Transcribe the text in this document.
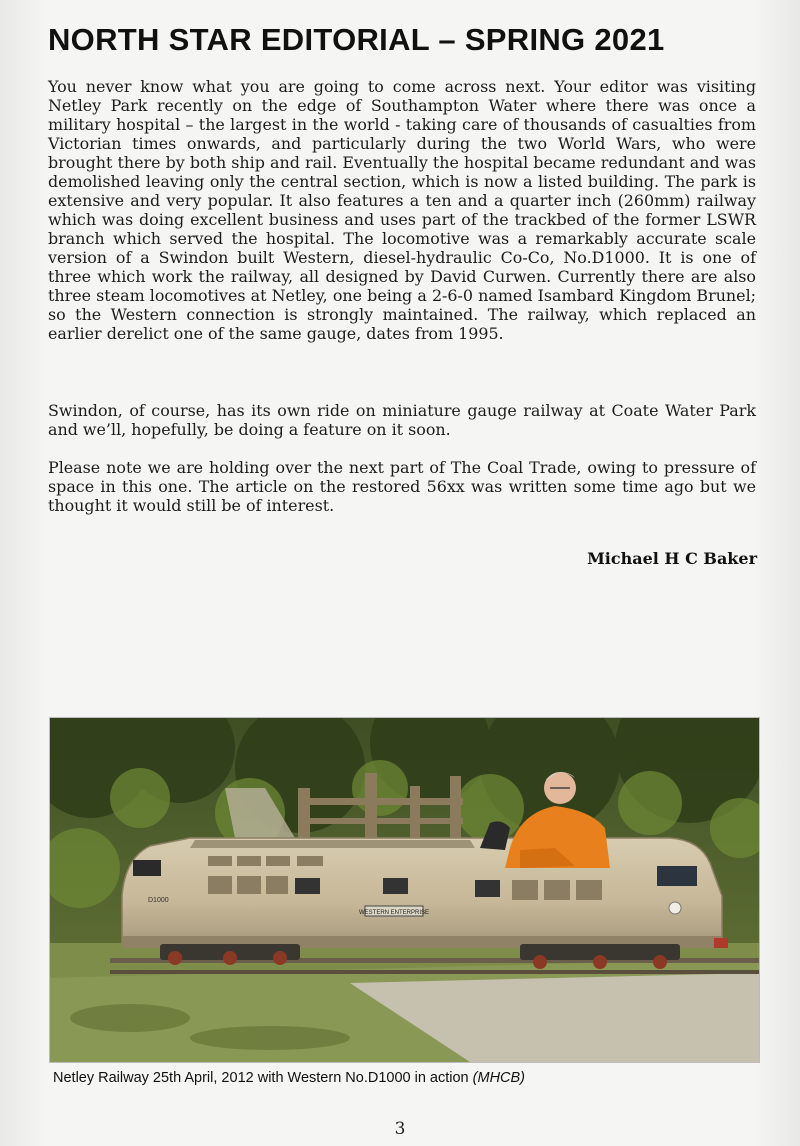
NORTH STAR EDITORIAL – SPRING 2021

You never know what you are going to come across next. Your editor was visiting Netley Park recently on the edge of Southampton Water where there was once a military hospital – the largest in the world - taking care of thousands of casualties from Victorian times onwards, and particularly during the two World Wars, who were brought there by both ship and rail. Eventually the hospital became redundant and was demolished leaving only the central section, which is now a listed building. The park is extensive and very popular. It also features a ten and a quarter inch (260mm) railway which was doing excellent business and uses part of the trackbed of the former LSWR branch which served the hospital. The locomotive was a remarkably accurate scale version of a Swindon built Western, diesel-hydraulic Co-Co, No.D1000. It is one of three which work the railway, all designed by David Curwen. Currently there are also three steam locomotives at Netley, one being a 2-6-0 named Isambard Kingdom Brunel; so the Western connection is strongly maintained. The railway, which replaced an earlier derelict one of the same gauge, dates from 1995.

Swindon, of course, has its own ride on miniature gauge railway at Coate Water Park and we’ll, hopefully, be doing a feature on it soon.

Please note we are holding over the next part of The Coal Trade, owing to pressure of space in this one. The article on the restored 56xx was written some time ago but we thought it would still be of interest.

Michael H C Baker
WESTERN ENTERPRISE
D1000
Netley Railway 25th April, 2012 with Western No.D1000 in action (MHCB)
3
